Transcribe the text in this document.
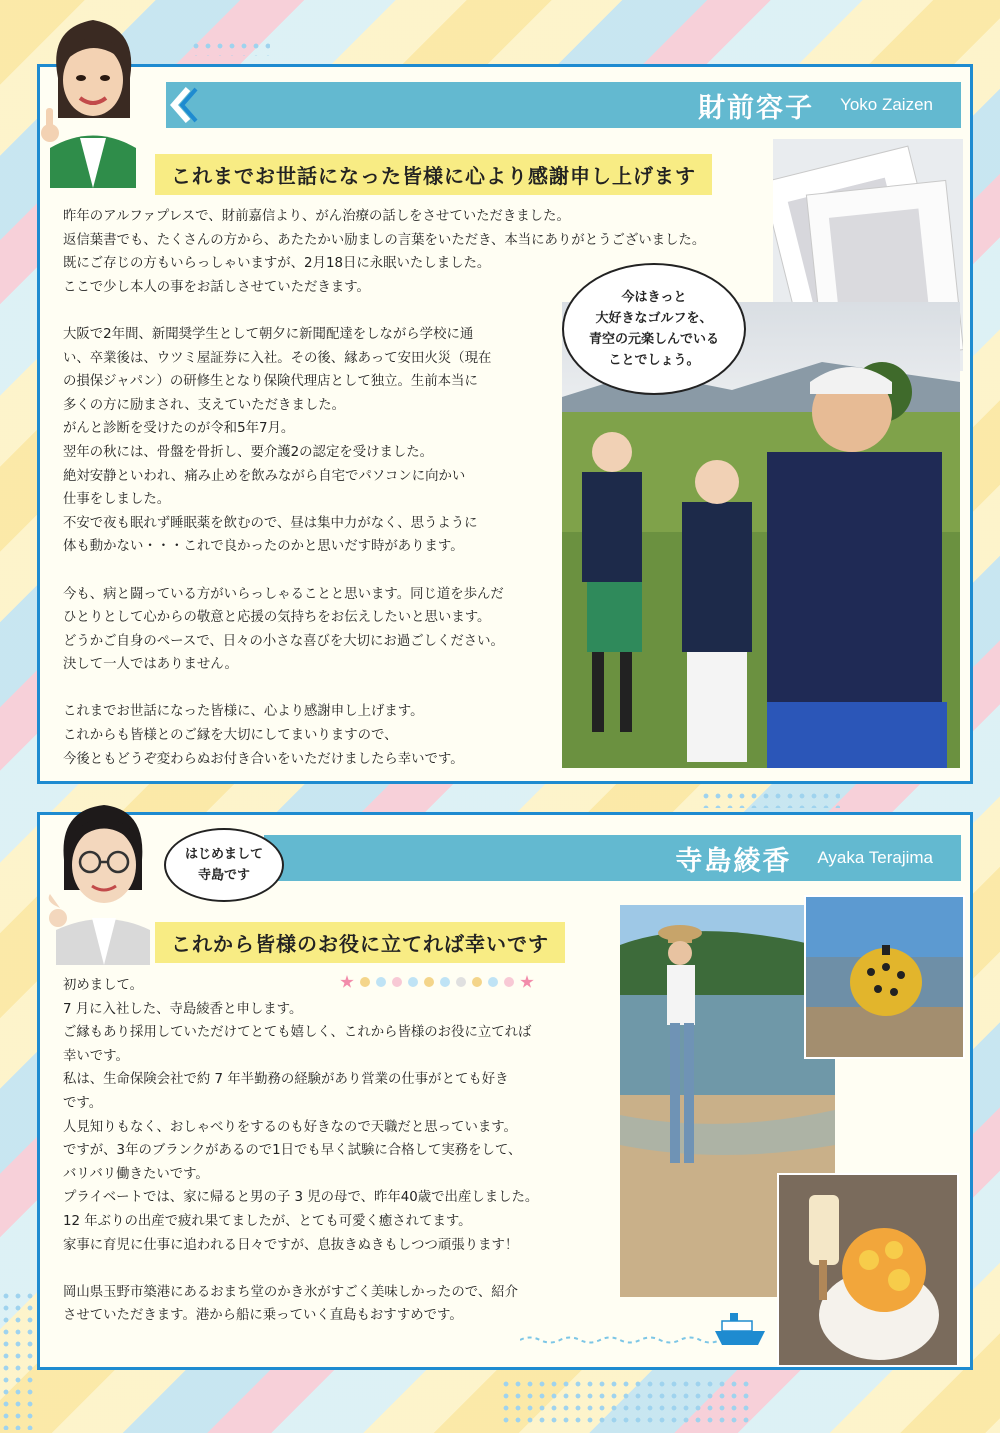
財前容子 Yoko Zaizen
これまでお世話になった皆様に心より感謝申し上げます

昨年のアルファプレスで、財前嘉信より、がん治療の話しをさせていただきました。

返信葉書でも、たくさんの方から、あたたかい励ましの言葉をいただき、本当にありがとうございました。

既にご存じの方もいらっしゃいますが、2月18日に永眠いたしました。

ここで少し本人の事をお話しさせていただきます。

大阪で2年間、新聞奨学生として朝夕に新聞配達をしながら学校に通

い、卒業後は、ウツミ屋証券に入社。その後、縁あって安田火災（現在

の損保ジャパン）の研修生となり保険代理店として独立。生前本当に

多くの方に励まされ、支えていただきました。

がんと診断を受けたのが令和5年7月。

翌年の秋には、骨盤を骨折し、要介護2の認定を受けました。

絶対安静といわれ、痛み止めを飲みながら自宅でパソコンに向かい

仕事をしました。

不安で夜も眠れず睡眠薬を飲むので、昼は集中力がなく、思うように

体も動かない・・・これで良かったのかと思いだす時があります。

今も、病と闘っている方がいらっしゃることと思います。同じ道を歩んだ

ひとりとして心からの敬意と応援の気持ちをお伝えしたいと思います。

どうかご自身のペースで、日々の小さな喜びを大切にお過ごしください。

決して一人ではありません。

これまでお世話になった皆様に、心より感謝申し上げます。

これからも皆様とのご縁を大切にしてまいりますので、

今後ともどうぞ変わらぬお付き合いをいただけましたら幸いです。

今はきっと

大好きなゴルフを、

青空の元楽しんでいる

ことでしょう。

寺島綾香 Ayaka Terajima
これから皆様のお役に立てれば幸いです

初めまして。

7 月に入社した、寺島綾香と申します。

ご縁もあり採用していただけてとても嬉しく、これから皆様のお役に立てれば

幸いです。

私は、生命保険会社で約 7 年半勤務の経験があり営業の仕事がとても好き

です。

人見知りもなく、おしゃべりをするのも好きなので天職だと思っています。

ですが、3年のブランクがあるので1日でも早く試験に合格して実務をして、

バリバリ働きたいです。

プライベートでは、家に帰ると男の子 3 児の母で、昨年40歳で出産しました。

12 年ぶりの出産で疲れ果てましたが、とても可愛く癒されてます。

家事に育児に仕事に追われる日々ですが、息抜きぬきもしつつ頑張ります！

岡山県玉野市築港にあるおまち堂のかき氷がすごく美味しかったので、紹介

させていただきます。港から船に乗っていく直島もおすすめです。

はじめまして

寺島です
